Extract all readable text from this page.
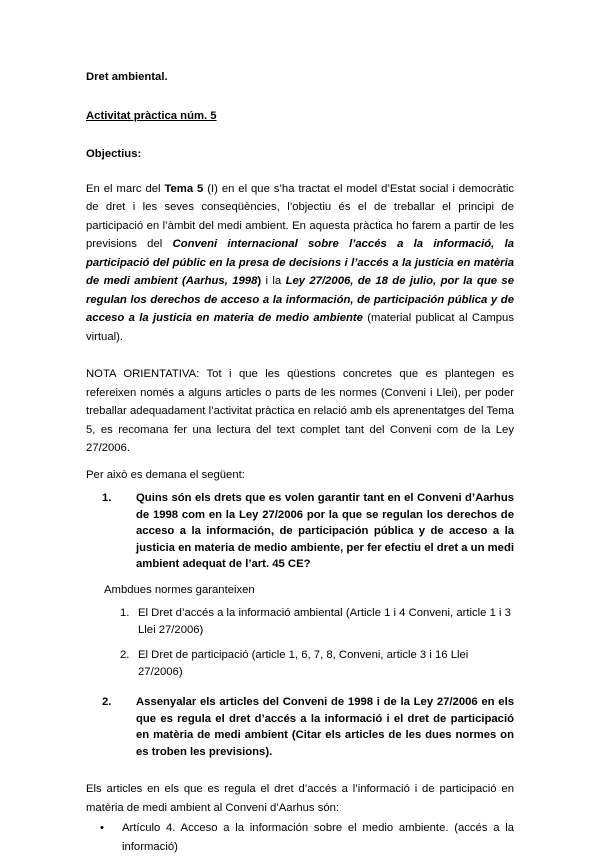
Dret ambiental.

Activitat pràctica núm. 5

Objectius:

En el marc del Tema 5 (I) en el que s’ha tractat el model d’Estat social i democràtic de dret i les seves conseqüències, l’objectiu és el de treballar el principi de participació en l’àmbit del medi ambient. En aquesta pràctica ho farem a partir de les previsions del Conveni internacional sobre l’accés a la informació, la participació del públic en la presa de decisions i l’accés a la justícia en matèria de medi ambient (Aarhus, 1998) i la Ley 27/2006, de 18 de julio, por la que se regulan los derechos de acceso a la información, de participación pública y de acceso a la justicia en materia de medio ambiente (material publicat al Campus virtual).

NOTA ORIENTATIVA: Tot i que les qüestions concretes que es plantegen es refereixen només a alguns articles o parts de les normes (Conveni i Llei), per poder treballar adequadament l’activitat pràctica en relació amb els aprenentatges del Tema 5, es recomana fer una lectura del text complet tant del Conveni com de la Ley 27/2006.

Per això es demana el següent:

1.	Quins són els drets que es volen garantir tant en el Conveni d’Aarhus de 1998 com en la Ley 27/2006 por la que se regulan los derechos de acceso a la información, de participación pública y de acceso a la justicia en materia de medio ambiente, per fer efectiu el dret a un medi ambient adequat de l’art. 45 CE?

Ambdues normes garanteixen

1. El Dret d’accés a la informació ambiental (Article 1 i 4 Conveni, article 1 i 3 Llei 27/2006)
2. El Dret de participació (article 1, 6, 7, 8, Conveni, article 3 i 16 Llei 27/2006)
2.	Assenyalar els articles del Conveni de 1998 i de la Ley 27/2006 en els que es regula el dret d’accés a la informació i el dret de participació en matèria de medi ambient (Citar els articles de les dues normes on es troben les previsions).

Els articles en els que es regula el dret d’accés a l’informació i de participació en matèria de medi ambient al Conveni d’Aarhus són:

•	Artículo 4. Acceso a la información sobre el medio ambiente. (accés a la informació)
